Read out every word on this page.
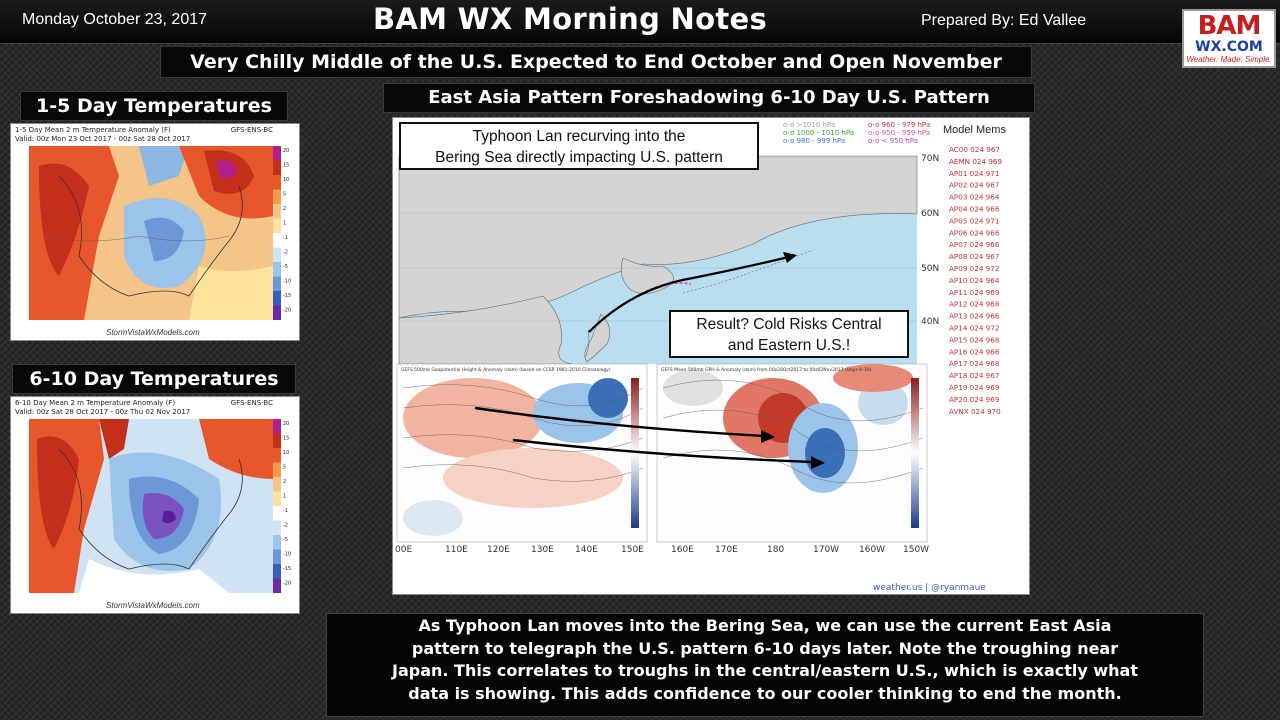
Monday October 23, 2017	BAM WX Morning Notes	Prepared By: Ed Vallee	BAM
WX.COM
Weather. Made. Simple.
Very Chilly Middle of the U.S. Expected to End October and Open November
1-5 Day Temperatures
6-10 Day Temperatures
East Asia Pattern Foreshadowing 6-10 Day U.S. Pattern
1-5 Day Mean 2 m Temperature Anomaly (F)
Valid: 00z Mon 23 Oct 2017 - 00z Sat 28 Oct 2017
GFS-ENS-BC
20
15
10
5
2
1
-1
-2
-5
-10
-15
-20
StormVistaWxModels.com
6-10 Day Mean 2 m Temperature Anomaly (F)
Valid: 00z Sat 28 Oct 2017 - 00z Thu 02 Nov 2017
GFS-ENS-BC
20
15
10
5
2
1
-1
-2
-5
-10
-15
-20
StormVistaWxModels.com
70N
60N
50N
40N
o-o >1010 hPa
o-o 1000 - 1010 hPa
o-o 980 - 999 hPa
o-o 960 - 979 hPa
o-o 950 - 959 hPa
o-o < 950 hPa
GEFS 500mb Geopotential Height & Anomaly (dam) (based on CFSR 1981-2010 Climatology)	GEFS Mean 500mb GPH & Anomaly (dam) from 00z28Oct2017 to 00z02Nov2017 (Days 6-10)
00E	110E 120E 130E 140E	150E	160E 170E	180	170W 160W 150W
AC00 024 967
AEMN 024 969
AP01 024 971
AP02 024 967
AP03 024 964
AP04 024 966
AP05 024 971
AP06 024 966
AP07 024 966
AP08 024 967
AP09 024 972
AP10 024 964
AP11 024 969
AP12 024 968
AP13 024 966
AP14 024 972
AP15 024 968
AP16 024 966
AP17 024 968
AP18 024 967
AP19 024 969
AP20 024 969
AVNX 024 970
weather.us | @ryanmaue
Typhoon Lan recurving into the
Bering Sea directly impacting U.S. pattern
Result? Cold Risks Central
and Eastern U.S.!
Model Mems
As Typhoon Lan moves into the Bering Sea, we can use the current East Asia
pattern to telegraph the U.S. pattern 6-10 days later. Note the troughing near
Japan. This correlates to troughs in the central/eastern U.S., which is exactly what
data is showing. This adds confidence to our cooler thinking to end the month.
